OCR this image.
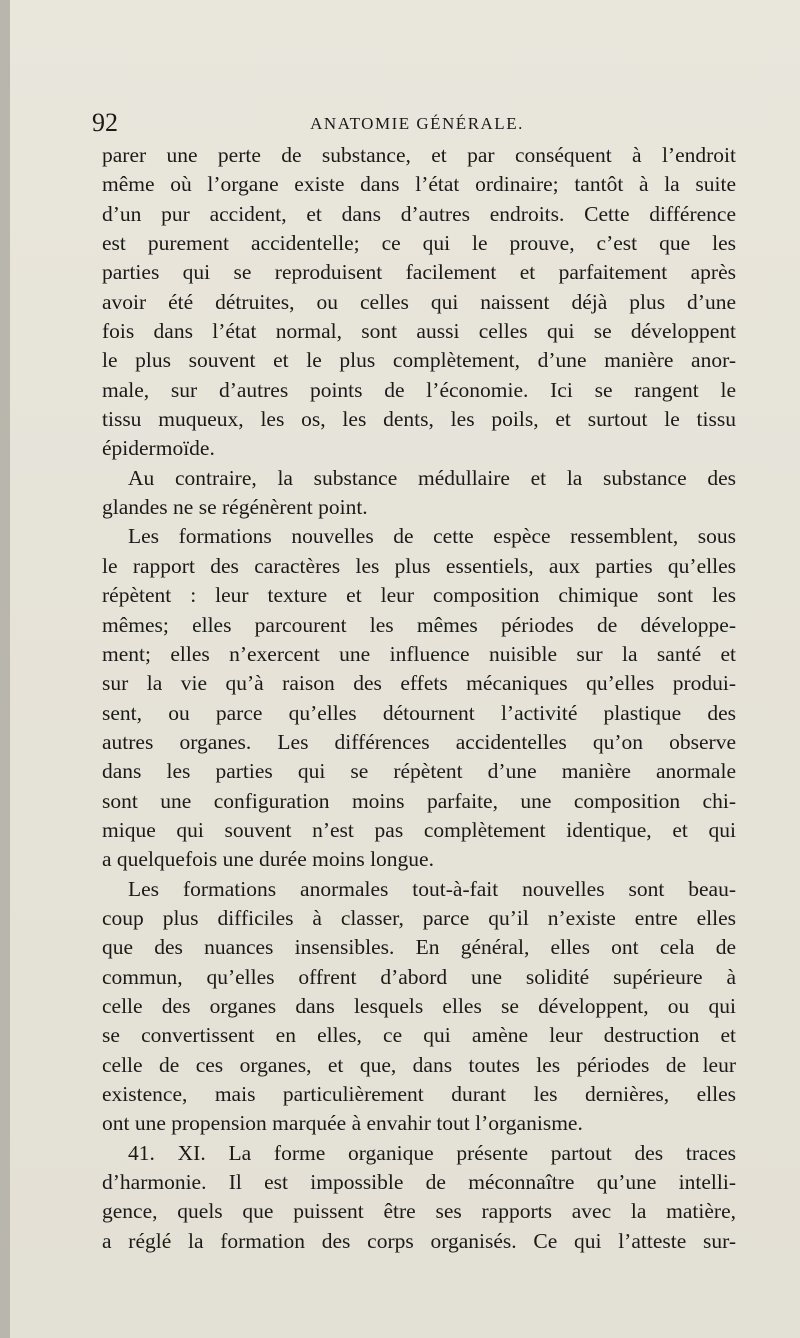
92	ANATOMIE GÉNÉRALE.
parer une perte de substance, et par conséquent à l’endroit
même où l’organe existe dans l’état ordinaire; tantôt à la suite
d’un pur accident, et dans d’autres endroits. Cette différence
est purement accidentelle; ce qui le prouve, c’est que les
parties qui se reproduisent facilement et parfaitement après
avoir été détruites, ou celles qui naissent déjà plus d’une
fois dans l’état normal, sont aussi celles qui se développent
le plus souvent et le plus complètement, d’une manière anor-
male, sur d’autres points de l’économie. Ici se rangent le
tissu muqueux, les os, les dents, les poils, et surtout le tissu
épidermoïde.
Au contraire, la substance médullaire et la substance des
glandes ne se régénèrent point.
Les formations nouvelles de cette espèce ressemblent, sous
le rapport des caractères les plus essentiels, aux parties qu’elles
répètent : leur texture et leur composition chimique sont les
mêmes; elles parcourent les mêmes périodes de développe-
ment; elles n’exercent une influence nuisible sur la santé et
sur la vie qu’à raison des effets mécaniques qu’elles produi-
sent, ou parce qu’elles détournent l’activité plastique des
autres organes. Les différences accidentelles qu’on observe
dans les parties qui se répètent d’une manière anormale
sont une configuration moins parfaite, une composition chi-
mique qui souvent n’est pas complètement identique, et qui
a quelquefois une durée moins longue.
Les formations anormales tout-à-fait nouvelles sont beau-
coup plus difficiles à classer, parce qu’il n’existe entre elles
que des nuances insensibles. En général, elles ont cela de
commun, qu’elles offrent d’abord une solidité supérieure à
celle des organes dans lesquels elles se développent, ou qui
se convertissent en elles, ce qui amène leur destruction et
celle de ces organes, et que, dans toutes les périodes de leur
existence, mais particulièrement durant les dernières, elles
ont une propension marquée à envahir tout l’organisme.
41. XI. La forme organique présente partout des traces
d’harmonie. Il est impossible de méconnaître qu’une intelli-
gence, quels que puissent être ses rapports avec la matière,
a réglé la formation des corps organisés. Ce qui l’atteste sur-
